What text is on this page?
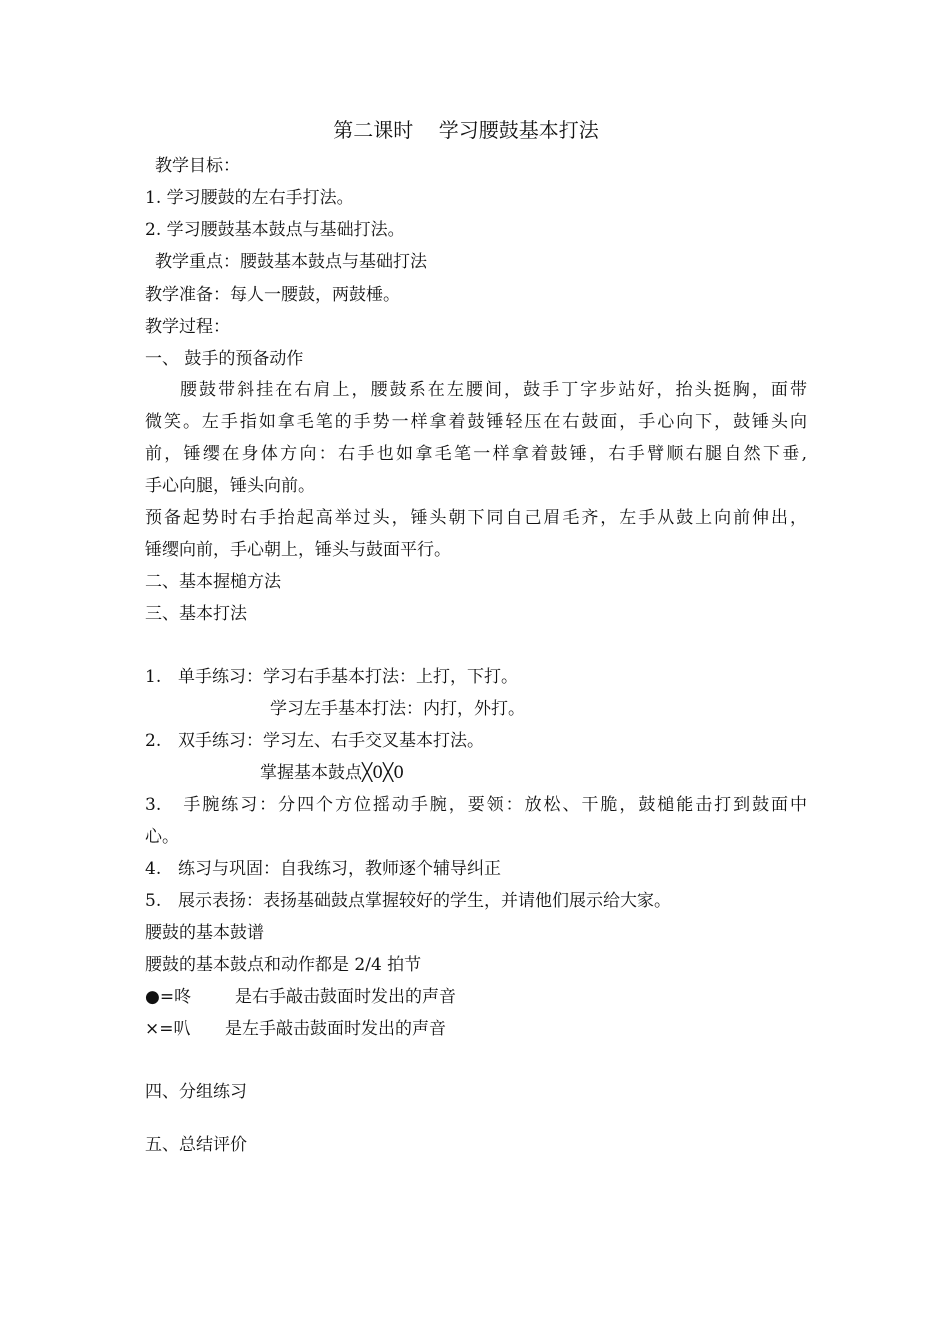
第二课时    学习腰鼓基本打法
教学目标：
1. 学习腰鼓的左右手打法。
2. 学习腰鼓基本鼓点与基础打法。
教学重点：腰鼓基本鼓点与基础打法
教学准备：每人一腰鼓，两鼓棰。
教学过程：
一、 鼓手的预备动作
腰鼓带斜挂在右肩上，腰鼓系在左腰间，鼓手丁字步站好，抬头挺胸，面带
微笑。左手指如拿毛笔的手势一样拿着鼓锤轻压在右鼓面，手心向下，鼓锤头向
前，锤缨在身体方向：右手也如拿毛笔一样拿着鼓锤，右手臂顺右腿自然下垂,
手心向腿，锤头向前。
预备起势时右手抬起高举过头，锤头朝下同自己眉毛齐，左手从鼓上向前伸出，
锤缨向前，手心朝上，锤头与鼓面平行。
二、基本握槌方法
三、基本打法
1. 单手练习：学习右手基本打法：上打，下打。
学习左手基本打法：内打，外打。
2. 双手练习：学习左、右手交叉基本打法。
掌握基本鼓点╳0╳0
3. 手腕练习：分四个方位摇动手腕，要领：放松、干脆，鼓槌能击打到鼓面中
心。
4. 练习与巩固：自我练习，教师逐个辅导纠正
5. 展示表扬：表扬基础鼓点掌握较好的学生，并请他们展示给大家。
腰鼓的基本鼓谱
腰鼓的基本鼓点和动作都是 2/4 拍节
●=咚	是右手敲击鼓面时发出的声音
×=叭 是左手敲击鼓面时发出的声音
四、分组练习
五、总结评价
